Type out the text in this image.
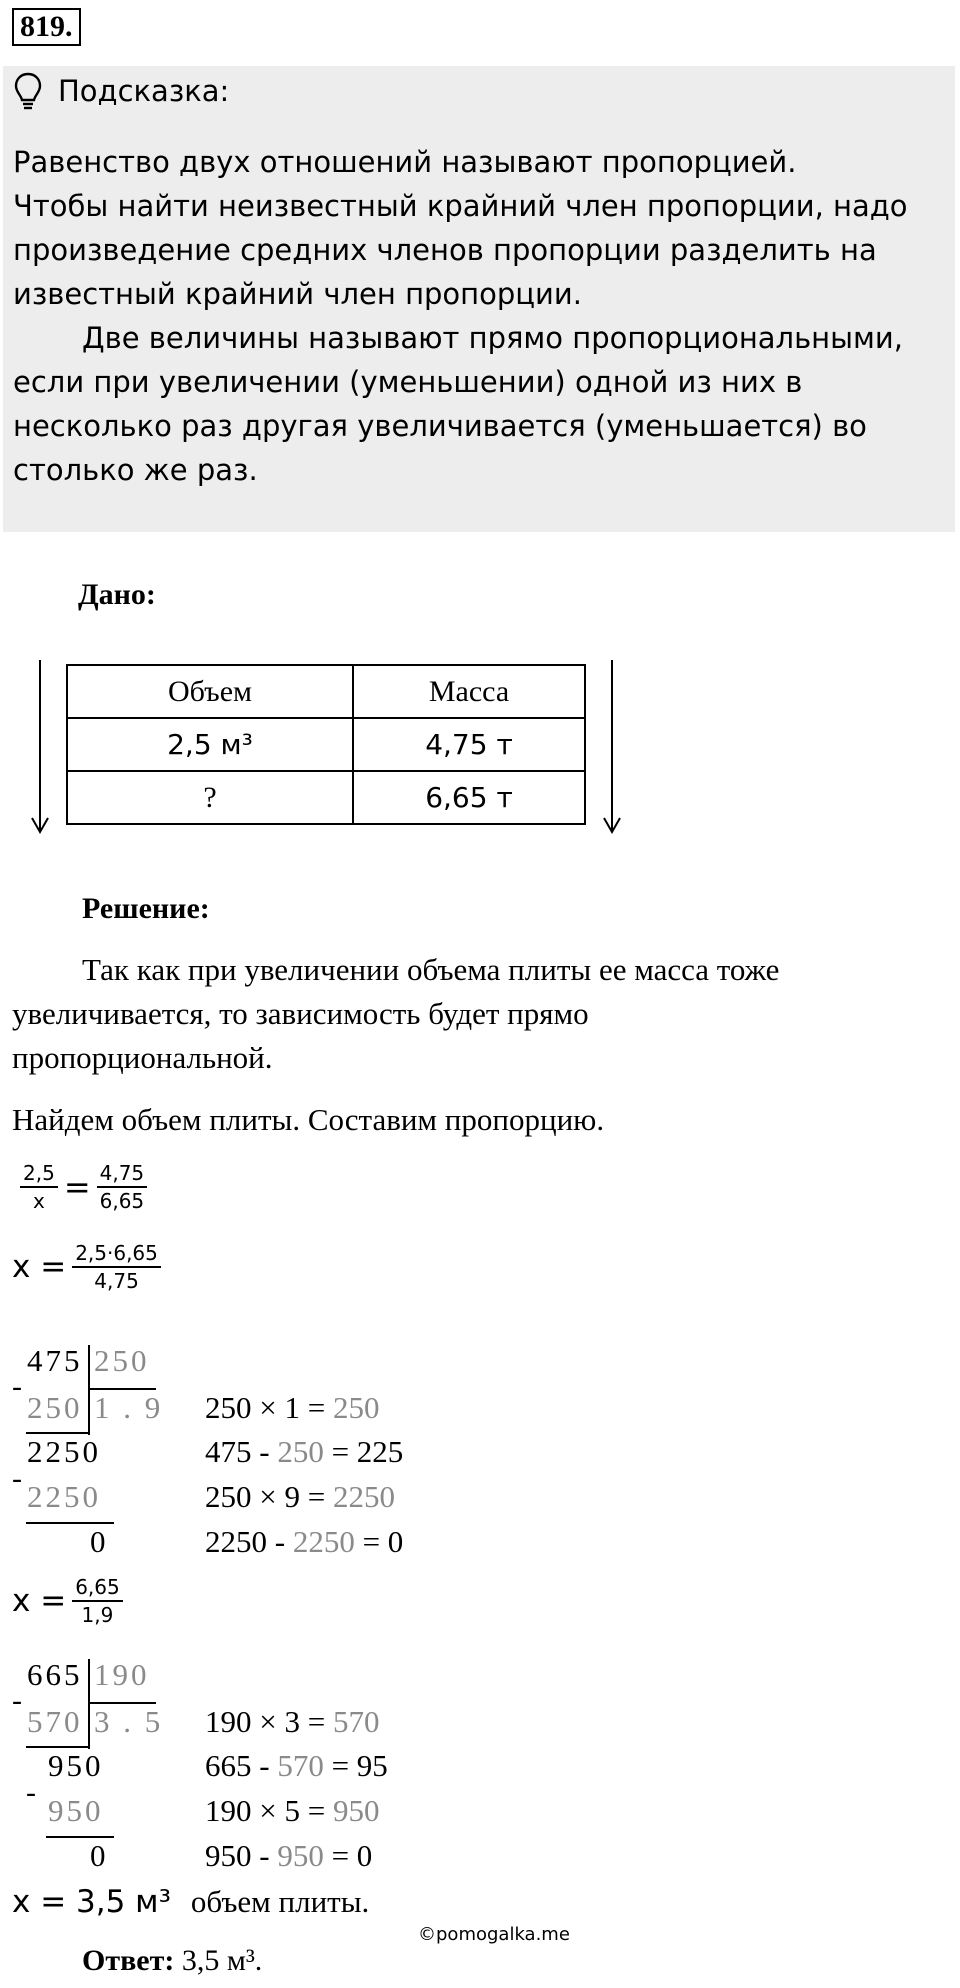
819.
Подсказка:
Равенство двух отношений называют пропорцией.
Чтобы найти неизвестный крайний член пропорции, надо
произведение средних членов пропорции разделить на
известный крайний член пропорции.
Две величины называют прямо пропорциональными,
если при увеличении (уменьшении) одной из них в
несколько раз другая увеличивается (уменьшается) во
столько же раз.
Дано:
Объем	Масса
2,5 м³	4,75 т
?	6,65 т
Решение:
Так как при увеличении объема плиты ее масса тоже
увеличивается, то зависимость будет прямо
пропорциональной.
Найдем объем плиты. Составим пропорцию.
$\frac{2,5}{x} = \frac{4,75}{6,65}$
$x = \frac{2,5\cdot 6,65}{4,75}$
-
475 250
250 1 . 9
2250
-
2250
0
250 × 1 = 250
475 - 250 = 225
250 × 9 = 2250
2250 - 2250 = 0
$x = \frac{6,65}{1,9}$
-
665 190
570 3 . 5
950
-
950
0
190 × 3 = 570
665 - 570 = 95
190 × 5 = 950
950 - 950 = 0
x = 3,5 м³ объем плиты.
©pomogalka.me
Ответ: 3,5 м³.
